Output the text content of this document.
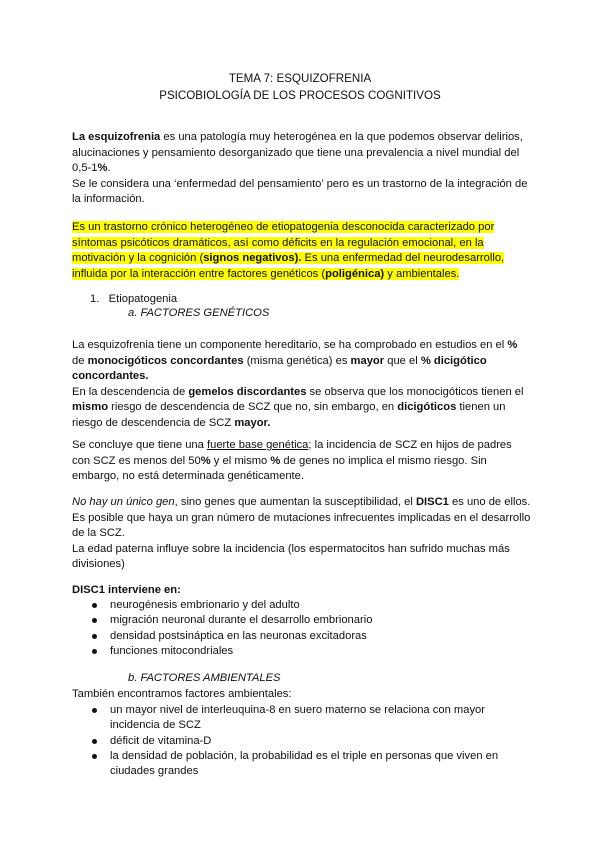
TEMA 7: ESQUIZOFRENIA
PSICOBIOLOGÍA DE LOS PROCESOS COGNITIVOS
La esquizofrenia es una patología muy heterogénea en la que podemos observar delirios, alucinaciones y pensamiento desorganizado que tiene una prevalencia a nivel mundial del 0,5-1%.
Se le considera una ‘enfermedad del pensamiento’ pero es un trastorno de la integración de la información.
Es un trastorno crónico heterogéneo de etiopatogenia desconocida caracterizado por síntomas psicóticos dramáticos, así como déficits en la regulación emocional, en la motivación y la cognición (signos negativos). Es una enfermedad del neurodesarrollo, influida por la interacción entre factores genéticos (poligénica) y ambientales.
1. Etiopatogenia
a. FACTORES GENÉTICOS
La esquizofrenia tiene un componente hereditario, se ha comprobado en estudios en el % de monocigóticos concordantes (misma genética) es mayor que el % dicigótico concordantes.
En la descendencia de gemelos discordantes se observa que los monocigóticos tienen el mismo riesgo de descendencia de SCZ que no, sin embargo, en dicigóticos tienen un riesgo de descendencia de SCZ mayor.
Se concluye que tiene una fuerte base genética; la incidencia de SCZ en hijos de padres con SCZ es menos del 50% y el mismo % de genes no implica el mismo riesgo. Sin embargo, no está determinada genéticamente.
No hay un único gen, sino genes que aumentan la susceptibilidad, el DISC1 es uno de ellos. Es posible que haya un gran número de mutaciones infrecuentes implicadas en el desarrollo de la SCZ.
La edad paterna influye sobre la incidencia (los espermatocitos han sufrido muchas más divisiones)
DISC1 interviene en:
neurogénesis embrionario y del adulto
migración neuronal durante el desarrollo embrionario
densidad postsináptica en las neuronas excitadoras
funciones mitocondriales
b. FACTORES AMBIENTALES
También encontramos factores ambientales:
un mayor nivel de interleuquina-8 en suero materno se relaciona con mayor incidencia de SCZ
déficit de vitamina-D
la densidad de población, la probabilidad es el triple en personas que viven en ciudades grandes
